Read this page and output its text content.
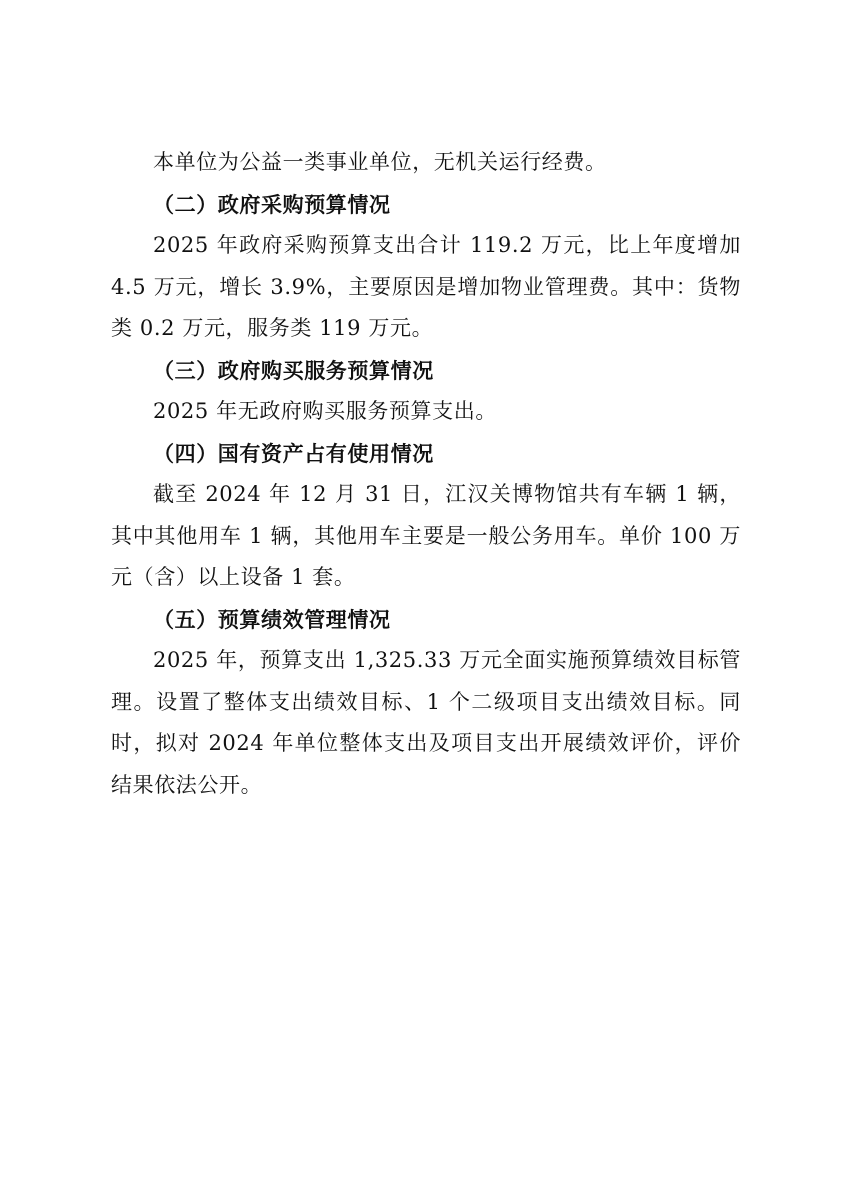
本单位为公益一类事业单位，无机关运行经费。

（二）政府采购预算情况

2025 年政府采购预算支出合计 119.2 万元，比上年度增加 4.5 万元，增长 3.9%，主要原因是增加物业管理费。其中：货物类 0.2 万元，服务类 119 万元。

（三）政府购买服务预算情况

2025 年无政府购买服务预算支出。

（四）国有资产占有使用情况

截至 2024 年 12 月 31 日，江汉关博物馆共有车辆 1 辆，其中其他用车 1 辆，其他用车主要是一般公务用车。单价 100 万元（含）以上设备 1 套。

（五）预算绩效管理情况

2025 年，预算支出 1,325.33 万元全面实施预算绩效目标管理。设置了整体支出绩效目标、1 个二级项目支出绩效目标。同时，拟对 2024 年单位整体支出及项目支出开展绩效评价，评价结果依法公开。
